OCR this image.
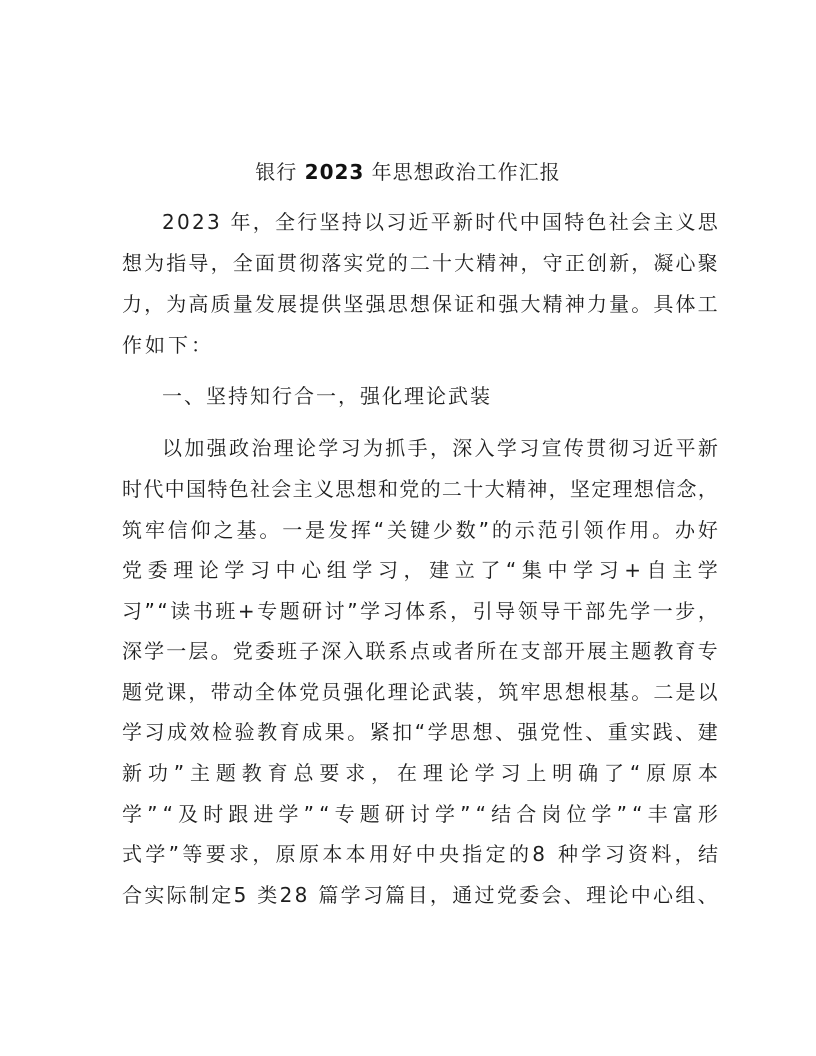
银行 2023 年思想政治工作汇报
2 0 2 3
年 ， 全 行 坚 持 以 习 近 平 新 时 代 中 国 特 色 社 会 主 义 思
想 为 指 导 ， 全 面 贯 彻 落 实 党 的 二 十 大 精 神 ， 守 正 创 新 ， 凝 心 聚
力 ， 为 高 质 量 发 展 提 供 坚 强 思 想 保 证 和 强 大 精 神 力 量 。 具 体 工
作如下：
一、坚持知行合一，强化理论武装
以 加 强 政 治 理 论 学 习 为 抓 手 ， 深 入 学 习 宣 传 贯 彻 习 近 平 新
时 代 中 国 特 色 社 会 主 义 思 想 和 党 的 二 十 大 精 神 ， 坚 定 理 想 信 念 ，
筑 牢 信 仰 之 基 。 一 是 发 挥 “ 关 键 少 数 ” 的 示 范 引 领 作 用 。 办 好
党 委 理 论 学 习 中 心 组 学 习 ， 建 立 了 “ 集 中 学 习 + 自 主 学
习 ” “ 读 书 班 + 专 题 研 讨 ” 学 习 体 系 ， 引 导 领 导 干 部 先 学 一 步 ，
深 学 一 层 。 党 委 班 子 深 入 联 系 点 或 者 所 在 支 部 开 展 主 题 教 育 专
题 党 课 ， 带 动 全 体 党 员 强 化 理 论 武 装 ， 筑 牢 思 想 根 基 。 二 是 以
学 习 成 效 检 验 教 育 成 果 。 紧 扣 “ 学 思 想 、 强 党 性 、 重 实 践 、 建
新 功 ” 主 题 教 育 总 要 求 ， 在 理 论 学 习 上 明 确 了 “ 原 原 本
学 ” “ 及 时 跟 进 学 ” “ 专 题 研 讨 学 ” “ 结 合 岗 位 学 ” “ 丰 富 形
式 学 ” 等 要 求 ， 原 原 本 本 用 好 中 央 指 定 的 8
种 学 习 资 料 ， 结
合 实 际 制 定 5
类 2 8
篇 学 习 篇 目 ， 通 过 党 委 会 、 理 论 中 心 组 、
